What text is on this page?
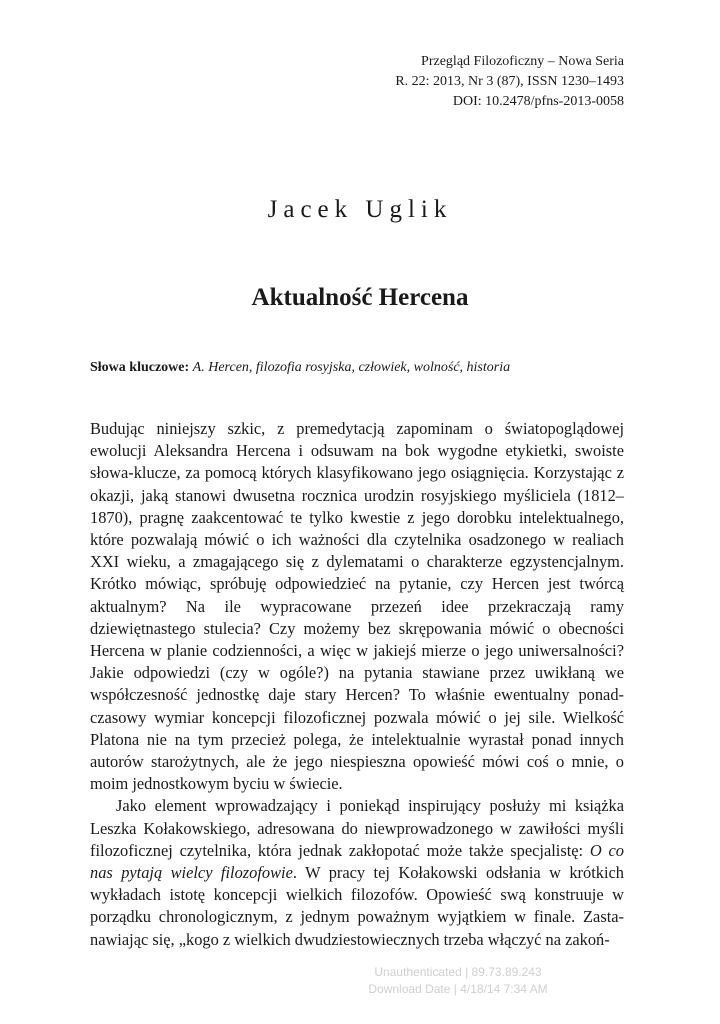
Przegląd Filozoficzny – Nowa Seria
R. 22: 2013, Nr 3 (87), ISSN 1230–1493
DOI: 10.2478/pfns-2013-0058
Jacek Uglik
Aktualność Hercena
Słowa kluczowe: A. Hercen, filozofia rosyjska, człowiek, wolność, historia

Budując niniejszy szkic, z premedytacją zapominam o światopoglądowej ewolucji Aleksandra Hercena i odsuwam na bok wygodne etykietki, swoiste słowa-klucze, za pomocą których klasyfikowano jego osiągnięcia. Korzystając z okazji, jaką stanowi dwusetna rocznica urodzin rosyjskiego myśliciela (1812–1870), pragnę zaakcentować te tylko kwestie z jego dorobku intelektualnego, które pozwalają mówić o ich ważności dla czytelnika osadzonego w realiach XXI wieku, a zmagającego się z dylematami o charakterze egzystencjalnym. Krótko mówiąc, spróbuję odpowiedzieć na pytanie, czy Hercen jest twórcą aktualnym? Na ile wypracowane przezeń idee przekraczają ramy dziewiętnastego stulecia? Czy możemy bez skrępowania mówić o obecności Hercena w planie codzienności, a więc w jakiejś mierze o jego uniwersalności? Jakie odpowiedzi (czy w ogóle?) na pytania stawiane przez uwikłaną we współczesność jednostkę daje stary Hercen? To właśnie ewentualny ponadczasowy wymiar koncepcji filozoficznej pozwala mówić o jej sile. Wielkość Platona nie na tym przecież polega, że intelektualnie wyrastał ponad innych autorów starożytnych, ale że jego niespieszna opowieść mówi coś o mnie, o moim jednostkowym byciu w świecie.

Jako element wprowadzający i poniekąd inspirujący posłuży mi książka Leszka Kołakowskiego, adresowana do niewprowadzonego w zawiłości myśli filozoficznej czytelnika, która jednak zakłopotać może także specjalistę: O co nas pytają wielcy filozofowie. W pracy tej Kołakowski odsłania w krótkich wykładach istotę koncepcji wielkich filozofów. Opowieść swą konstruuje w porządku chronologicznym, z jednym poważnym wyjątkiem w finale. Zastanawiając się, „kogo z wielkich dwudziestowiecznych trzeba włączyć na zakoń-

Unauthenticated | 89.73.89.243
Download Date | 4/18/14 7:34 AM
